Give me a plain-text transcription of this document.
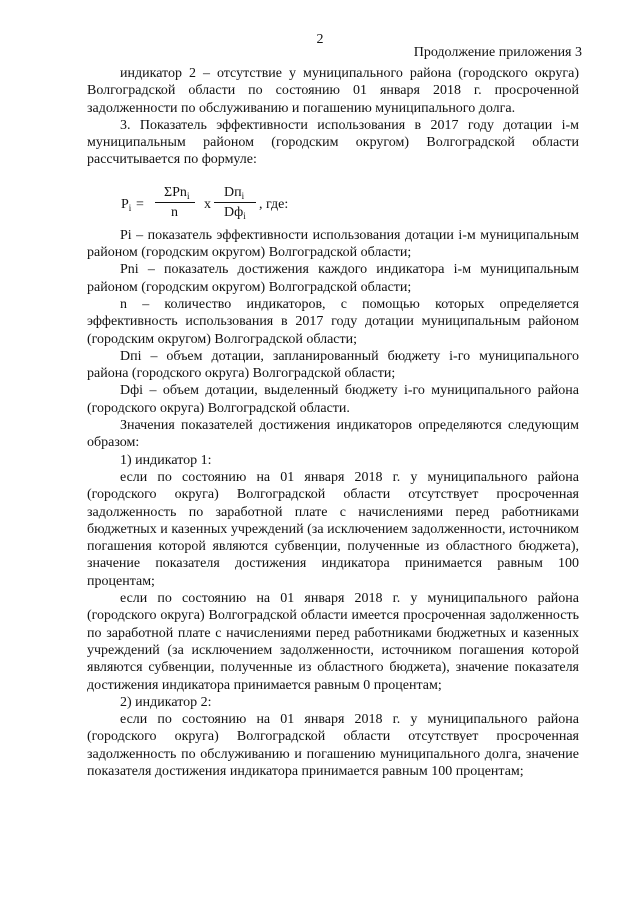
2
Продолжение приложения 3

индикатор 2 – отсутствие у муниципального района (городского округа) Волгоградской области по состоянию 01 января 2018 г. просроченной задолженности по обслуживанию и погашению муниципального долга.

3. Показатель эффективности использования в 2017 году дотации i-м муниципальным районом (городским округом) Волгоградской области рассчитывается по формуле:

$P_i$ =
ΣPn$_i$
n
x
$Dп_i$
$Dф_i$
, где:

Pi – показатель эффективности использования дотации i-м муниципальным районом (городским округом) Волгоградской области;

Pni – показатель достижения каждого индикатора i-м муниципальным районом (городским округом) Волгоградской области;

n – количество индикаторов, с помощью которых определяется эффективность использования в 2017 году дотации муниципальным районом (городским округом) Волгоградской области;

Dпi – объем дотации, запланированный бюджету i-го муниципального района (городского округа) Волгоградской области;

Dфi – объем дотации, выделенный бюджету i-го муниципального района (городского округа) Волгоградской области.

Значения показателей достижения индикаторов определяются следующим образом:

1) индикатор 1:

если по состоянию на 01 января 2018 г. у муниципального района (городского округа) Волгоградской области отсутствует просроченная задолженность по заработной плате с начислениями перед работниками бюджетных и казенных учреждений (за исключением задолженности, источником погашения которой являются субвенции, полученные из областного бюджета), значение показателя достижения индикатора принимается равным 100 процентам;

если по состоянию на 01 января 2018 г. у муниципального района (городского округа) Волгоградской области имеется просроченная задолженность по заработной плате с начислениями перед работниками бюджетных и казенных учреждений (за исключением задолженности, источником погашения которой являются субвенции, полученные из областного бюджета), значение показателя достижения индикатора принимается равным 0 процентам;

2) индикатор 2:

если по состоянию на 01 января 2018 г. у муниципального района (городского округа) Волгоградской области отсутствует просроченная задолженность по обслуживанию и погашению муниципального долга, значение показателя достижения индикатора принимается равным 100 процентам;
